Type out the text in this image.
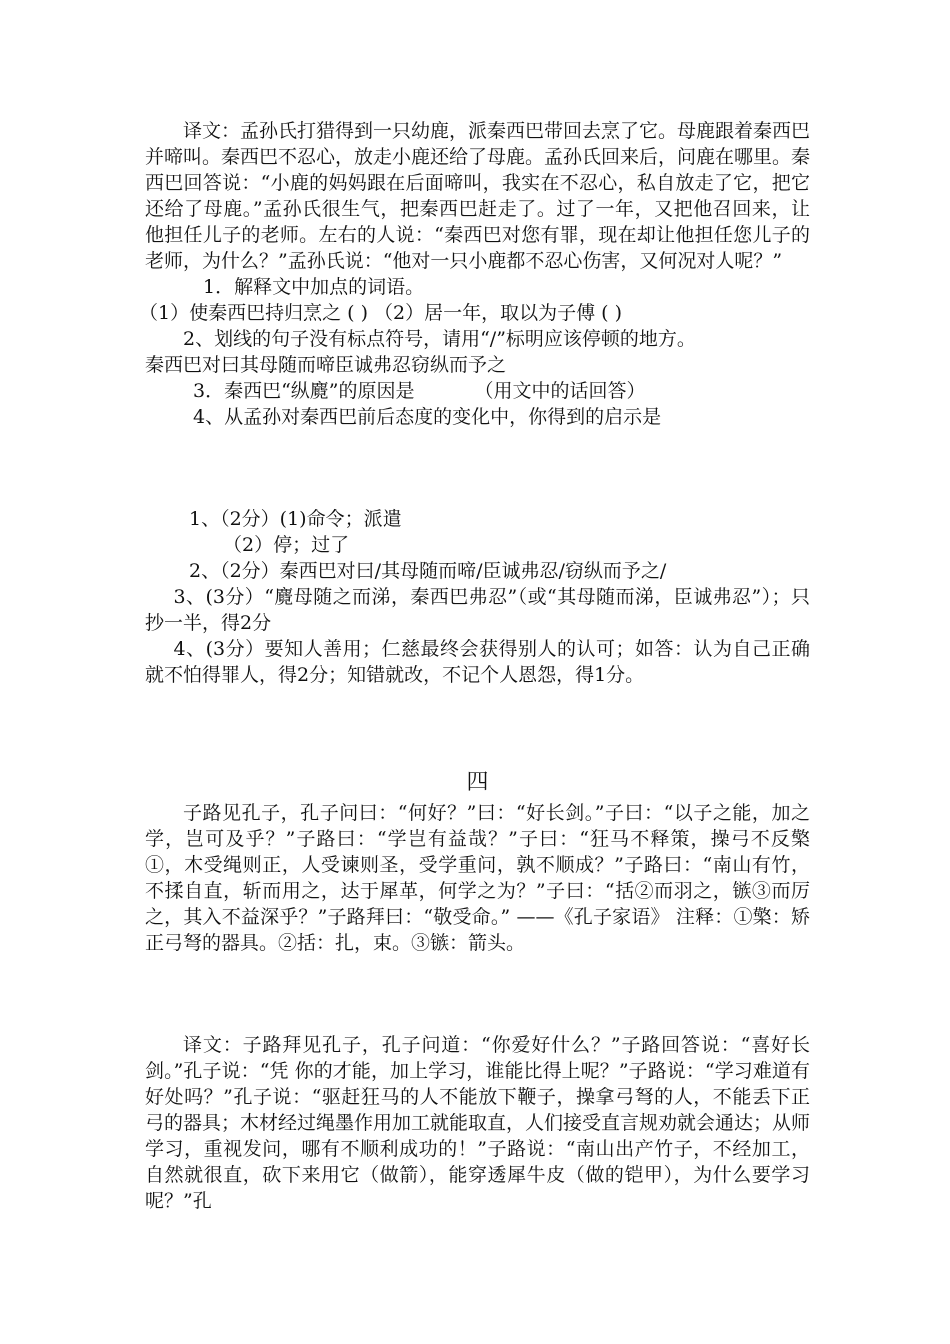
译文：孟孙氏打猎得到一只幼鹿，派秦西巴带回去烹了它。母鹿跟着秦西巴并啼叫。秦西巴不忍心，放走小鹿还给了母鹿。孟孙氏回来后，问鹿在哪里。秦西巴回答说：“小鹿的妈妈跟在后面啼叫，我实在不忍心，私自放走了它，把它还给了母鹿。”孟孙氏很生气，把秦西巴赶走了。过了一年，又把他召回来，让他担任儿子的老师。左右的人说：“秦西巴对您有罪，现在却让他担任您儿子的老师，为什么？”孟孙氏说：“他对一只小鹿都不忍心伤害，又何况对人呢？”

1．解释文中加点的词语。

（1）使秦西巴持归烹之 ( ) （2）居一年，取以为子傅 ( )

2、划线的句子没有标点符号，请用“/”标明应该停顿的地方。

秦西巴对曰其母随而啼臣诚弗忍窃纵而予之

3．秦西巴“纵麑”的原因是	（用文中的话回答）

4、从孟孙对秦西巴前后态度的变化中，你得到的启示是

1、（2分）(1)命令；派遣

（2）停；过了

2、（2分）秦西巴对曰/其母随而啼/臣诚弗忍/窃纵而予之/

3、(3分）“麑母随之而涕，秦西巴弗忍”（或“其母随而涕，臣诚弗忍”）；只抄一半，得2分

4、(3分）要知人善用；仁慈最终会获得别人的认可；如答：认为自己正确就不怕得罪人，得2分；知错就改，不记个人恩怨，得1分。

四

子路见孔子，孔子问曰：“何好？”曰：“好长剑。”子曰：“以子之能，加之学，岂可及乎？”子路曰：“学岂有益哉？”子曰：“狂马不释策，操弓不反檠①，木受绳则正，人受谏则圣，受学重问，孰不顺成？”子路曰：“南山有竹，不揉自直，斩而用之，达于犀革，何学之为？”子曰：“括②而羽之，镞③而厉之，其入不益深乎？”子路拜曰：“敬受命。” ——《孔子家语》 注释：①檠：矫正弓弩的器具。②括：扎，束。③镞：箭头。

译文：子路拜见孔子，孔子问道：“你爱好什么？”子路回答说：“喜好长剑。”孔子说：“凭 你的才能，加上学习，谁能比得上呢？”子路说：“学习难道有好处吗？”孔子说：“驱赶狂马的人不能放下鞭子，操拿弓弩的人，不能丢下正弓的器具；木材经过绳墨作用加工就能取直，人们接受直言规劝就会通达；从师学习，重视发问，哪有不顺利成功的！”子路说：“南山出产竹子，不经加工，自然就很直，砍下来用它（做箭），能穿透犀牛皮（做的铠甲），为什么要学习呢？”孔
